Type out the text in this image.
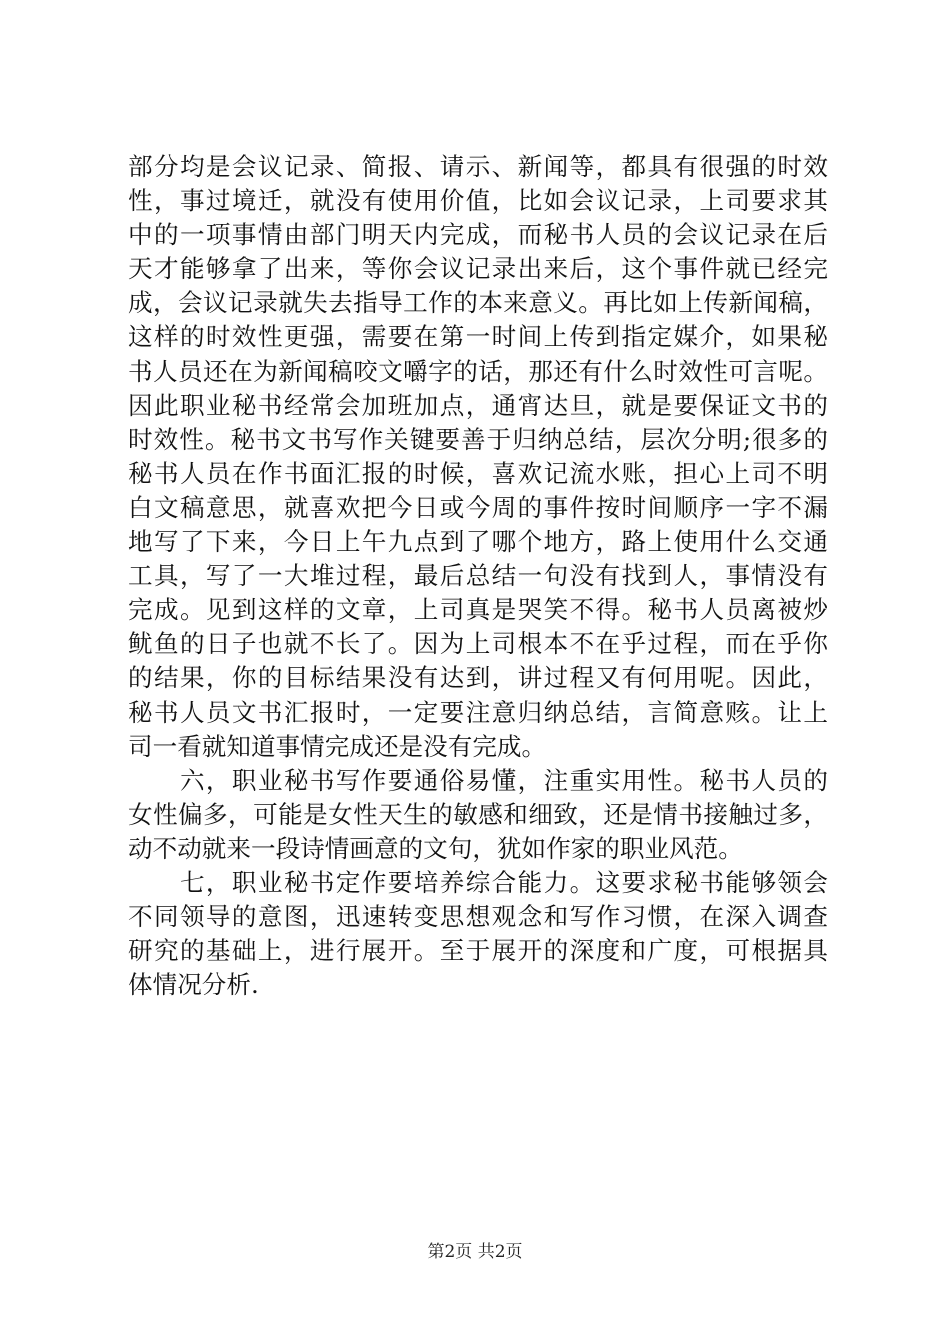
部分均是会议记录、简报、请示、新闻等，都具有很强的时效
性，事过境迁，就没有使用价值，比如会议记录，上司要求其
中的一项事情由部门明天内完成，而秘书人员的会议记录在后
天才能够拿了出来，等你会议记录出来后，这个事件就已经完
成，会议记录就失去指导工作的本来意义。再比如上传新闻稿，
这样的时效性更强，需要在第一时间上传到指定媒介，如果秘
书人员还在为新闻稿咬文嚼字的话，那还有什么时效性可言呢。
因此职业秘书经常会加班加点，通宵达旦，就是要保证文书的
时效性。秘书文书写作关键要善于归纳总结，层次分明;很多的
秘书人员在作书面汇报的时候，喜欢记流水账，担心上司不明
白文稿意思，就喜欢把今日或今周的事件按时间顺序一字不漏
地写了下来，今日上午九点到了哪个地方，路上使用什么交通
工具，写了一大堆过程，最后总结一句没有找到人，事情没有
完成。见到这样的文章，上司真是哭笑不得。秘书人员离被炒
鱿鱼的日子也就不长了。因为上司根本不在乎过程，而在乎你
的结果，你的目标结果没有达到，讲过程又有何用呢。因此，
秘书人员文书汇报时，一定要注意归纳总结，言简意赅。让上
司一看就知道事情完成还是没有完成。
　　六，职业秘书写作要通俗易懂，注重实用性。秘书人员的
女性偏多，可能是女性天生的敏感和细致，还是情书接触过多，
动不动就来一段诗情画意的文句，犹如作家的职业风范。
　　七，职业秘书定作要培养综合能力。这要求秘书能够领会
不同领导的意图，迅速转变思想观念和写作习惯，在深入调查
研究的基础上，进行展开。至于展开的深度和广度，可根据具
体情况分析.
第2页 共2页
